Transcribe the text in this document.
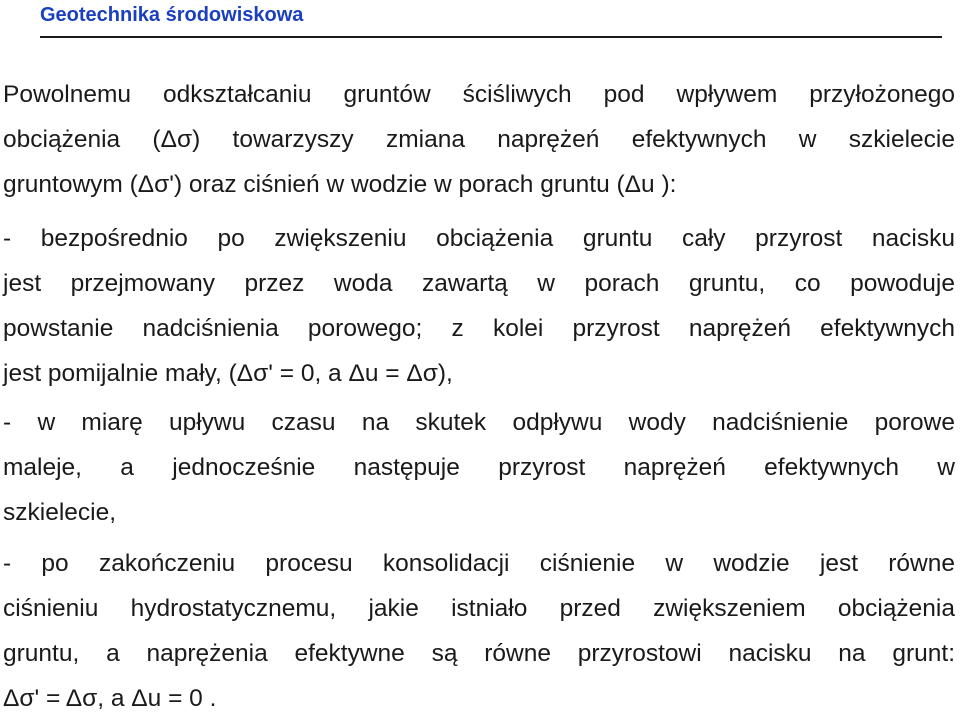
Geotechnika środowiskowa
Powolnemu odkształcaniu gruntów ściśliwych pod wpływem przyłożonego
obciążenia (Δσ) towarzyszy zmiana naprężeń efektywnych w szkielecie
gruntowym (Δσ') oraz ciśnień w wodzie w porach gruntu (Δu ):
- bezpośrednio po zwiększeniu obciążenia gruntu cały przyrost nacisku
jest przejmowany przez woda zawartą w porach gruntu, co powoduje
powstanie nadciśnienia porowego; z kolei przyrost naprężeń efektywnych
jest pomijalnie mały, (Δσ' = 0, a Δu = Δσ),
- w miarę upływu czasu na skutek odpływu wody nadciśnienie porowe
maleje, a jednocześnie następuje przyrost naprężeń efektywnych w
szkielecie,
- po zakończeniu procesu konsolidacji ciśnienie w wodzie jest równe
ciśnieniu hydrostatycznemu, jakie istniało przed zwiększeniem obciążenia
gruntu, a naprężenia efektywne są równe przyrostowi nacisku na grunt:
Δσ' = Δσ, a Δu = 0 .
